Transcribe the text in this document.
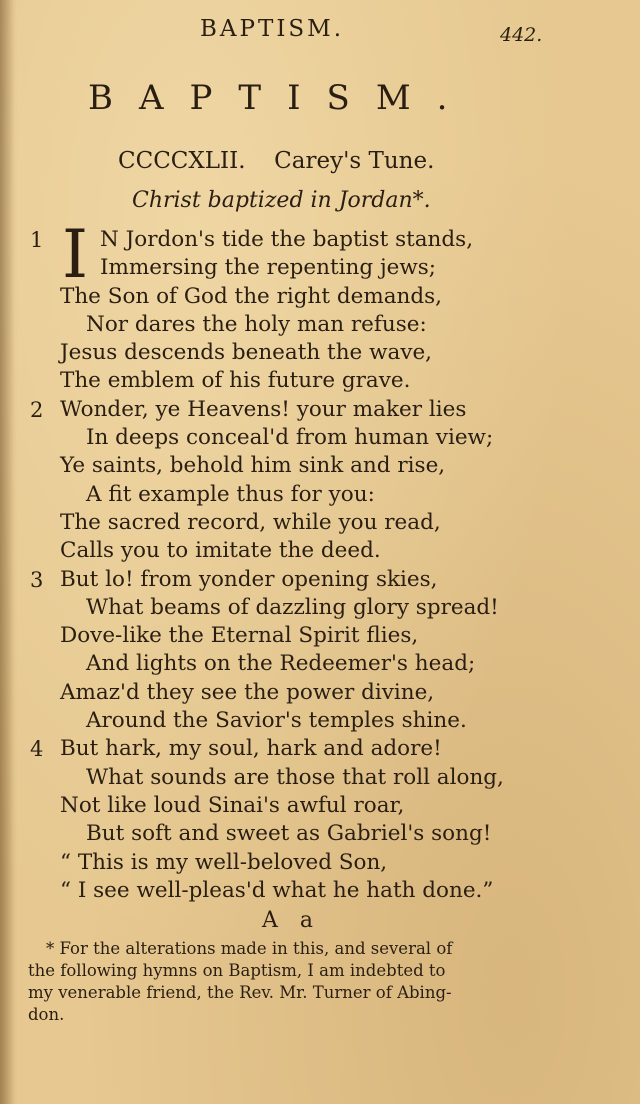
BAPTISM.	442.
BAPTISM.
CCCCXLII. Carey's Tune.
Christ baptized in Jordan*.
I
1	N Jordon's tide the baptist stands,
Immersing the repenting jews;
The Son of God the right demands,
Nor dares the holy man refuse:
Jesus descends beneath the wave,
The emblem of his future grave.
2 Wonder, ye Heavens! your maker lies
In deeps conceal'd from human view;
Ye saints, behold him sink and rise,
A fit example thus for you:
The sacred record, while you read,
Calls you to imitate the deed.
3 But lo! from yonder opening skies,
What beams of dazzling glory spread!
Dove-like the Eternal Spirit flies,
And lights on the Redeemer's head;
Amaz'd they see the power divine,
Around the Savior's temples shine.
4 But hark, my soul, hark and adore!
What sounds are those that roll along,
Not like loud Sinai's awful roar,
But soft and sweet as Gabriel's song!
“ This is my well-beloved Son,
“ I see well-pleas'd what he hath done.”
Aa
* For the alterations made in this, and several of
the following hymns on Baptism, I am indebted to
my venerable friend, the Rev. Mr. Turner of Abing-
don.
